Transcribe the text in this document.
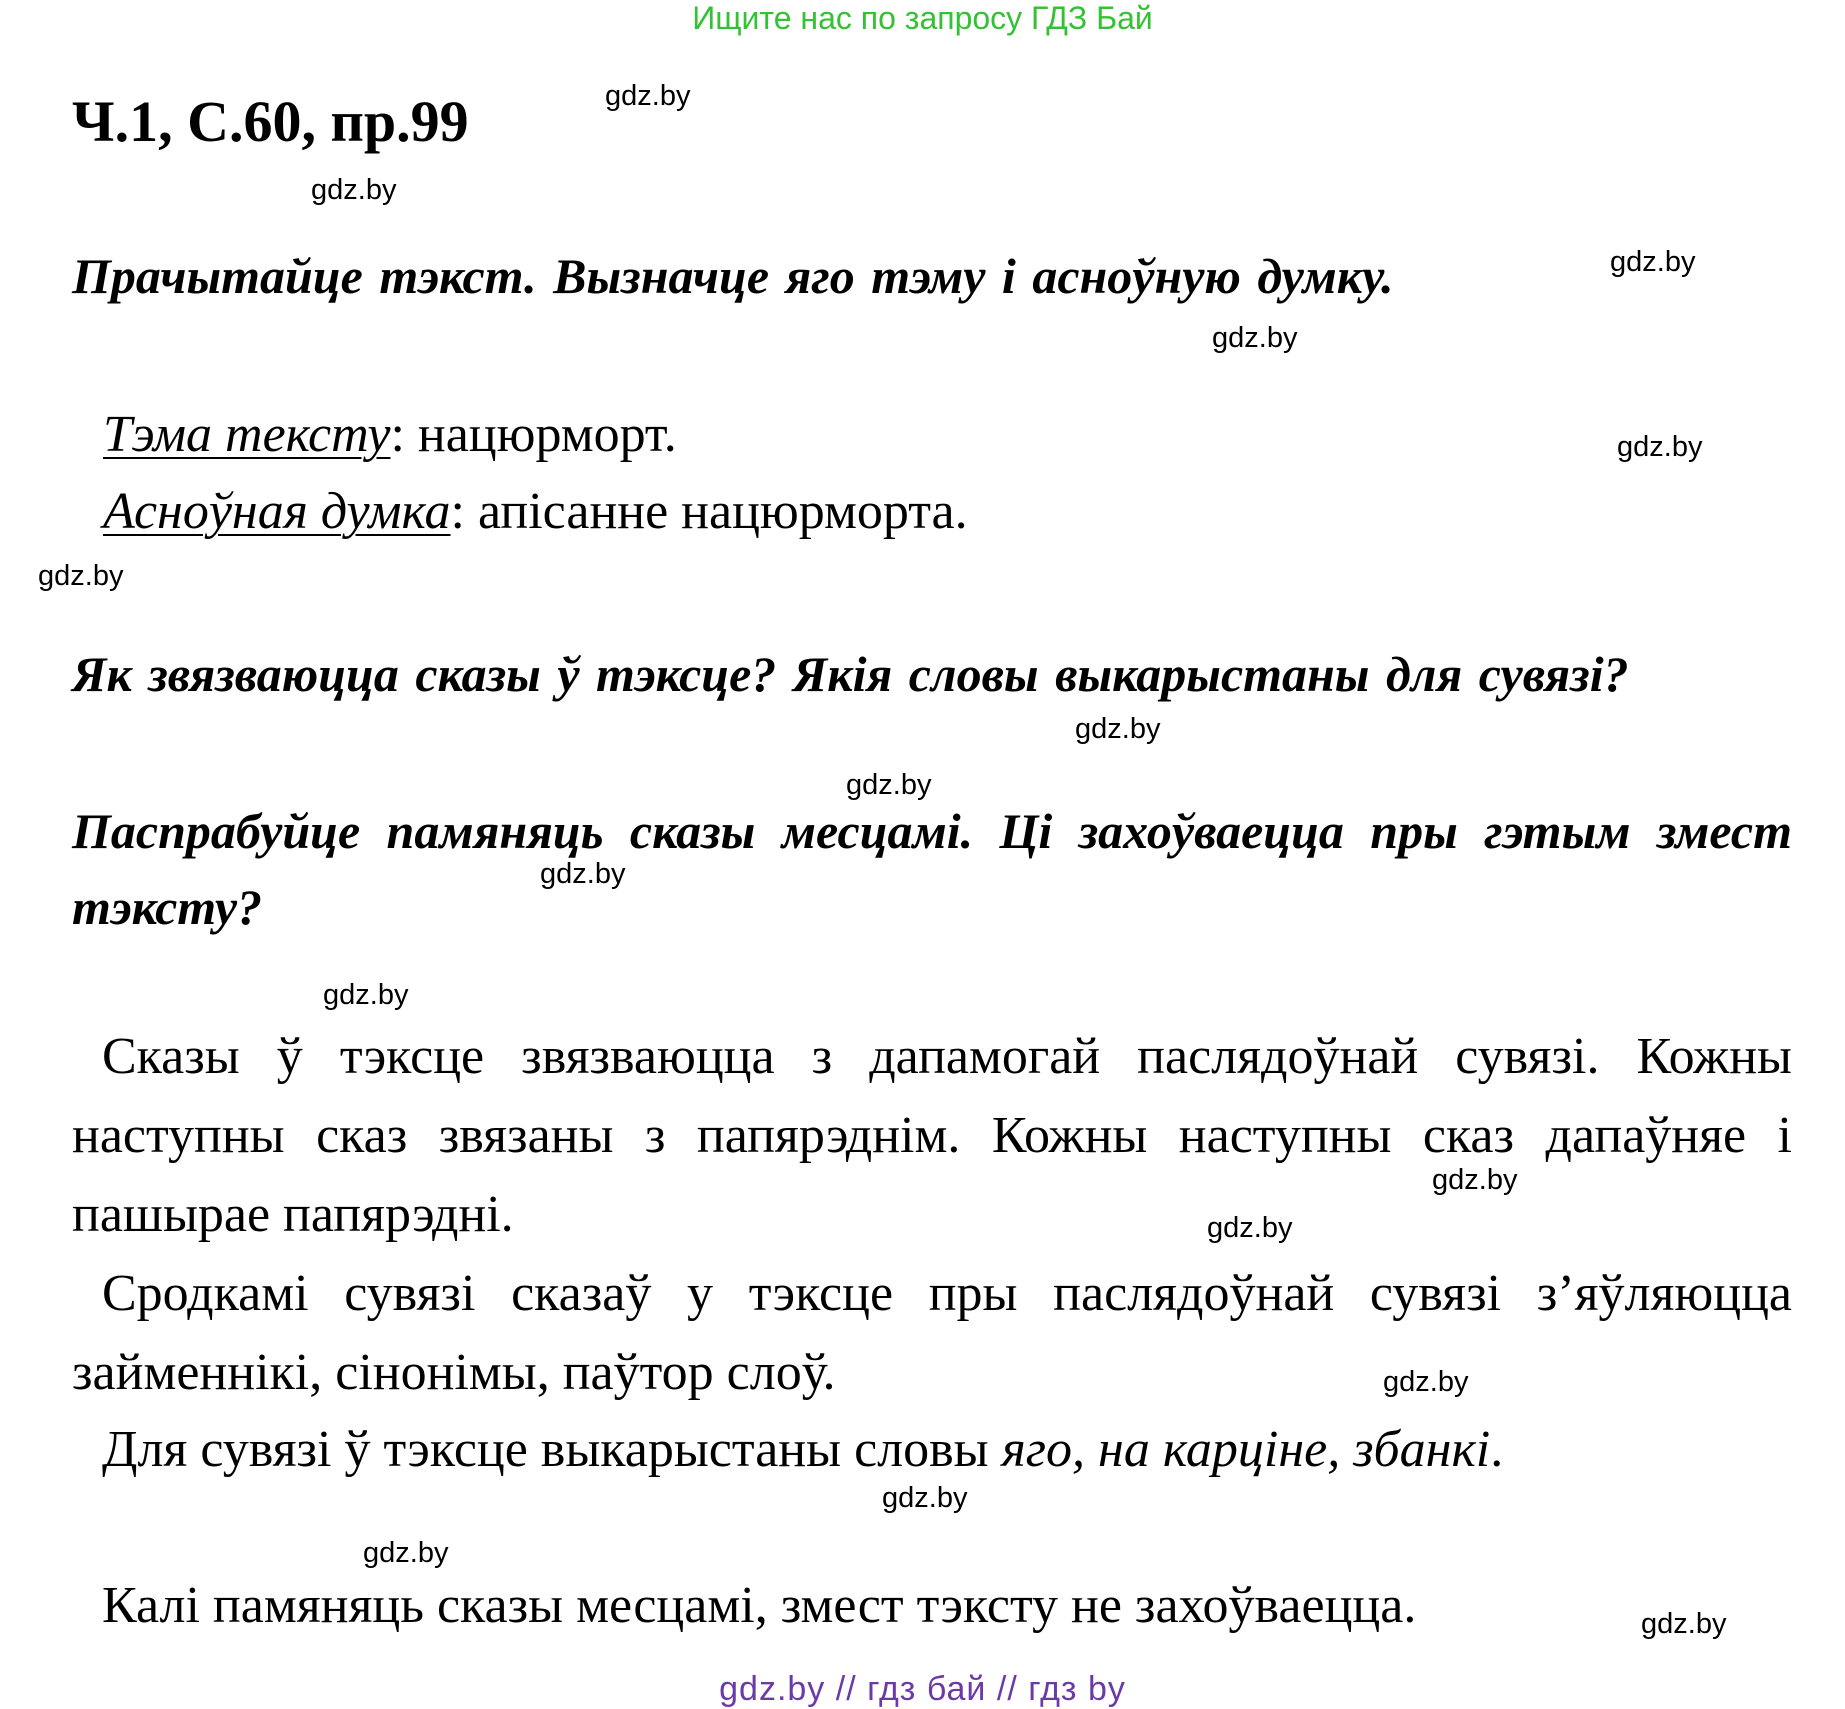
Ищите нас по запросу ГДЗ Бай
Ч.1, С.60, пр.99
Прачытайце тэкст. Вызначце яго тэму і асноўную думку.
Тэма тексту: нацюрморт.
Асноўная думка: апісанне нацюрморта.
Як звязваюцца сказы ў тэксце? Якія словы выкарыстаны для сувязі?
Паспрабуйце памяняць сказы месцамі. Ці захоўваецца пры гэтым змест тэксту?
Сказы ў тэксце звязваюцца з дапамогай паслядоўнай сувязі. Кожны наступны сказ звязаны з папярэднім. Кожны наступны сказ дапаўняе і пашырае папярэдні.
Сродкамі сувязі сказаў у тэксце пры паслядоўнай сувязі з’яўляюцца займеннікі, сінонімы, паўтор слоў.
Для сувязі ў тэксце выкарыстаны словы яго, на карціне, збанкі.
Калі памяняць сказы месцамі, змест тэксту не захоўваецца.
gdz.by
gdz.by
gdz.by
gdz.by
gdz.by
gdz.by
gdz.by
gdz.by
gdz.by
gdz.by
gdz.by
gdz.by
gdz.by
gdz.by
gdz.by
gdz.by
gdz.by // гдз бай // гдз by
